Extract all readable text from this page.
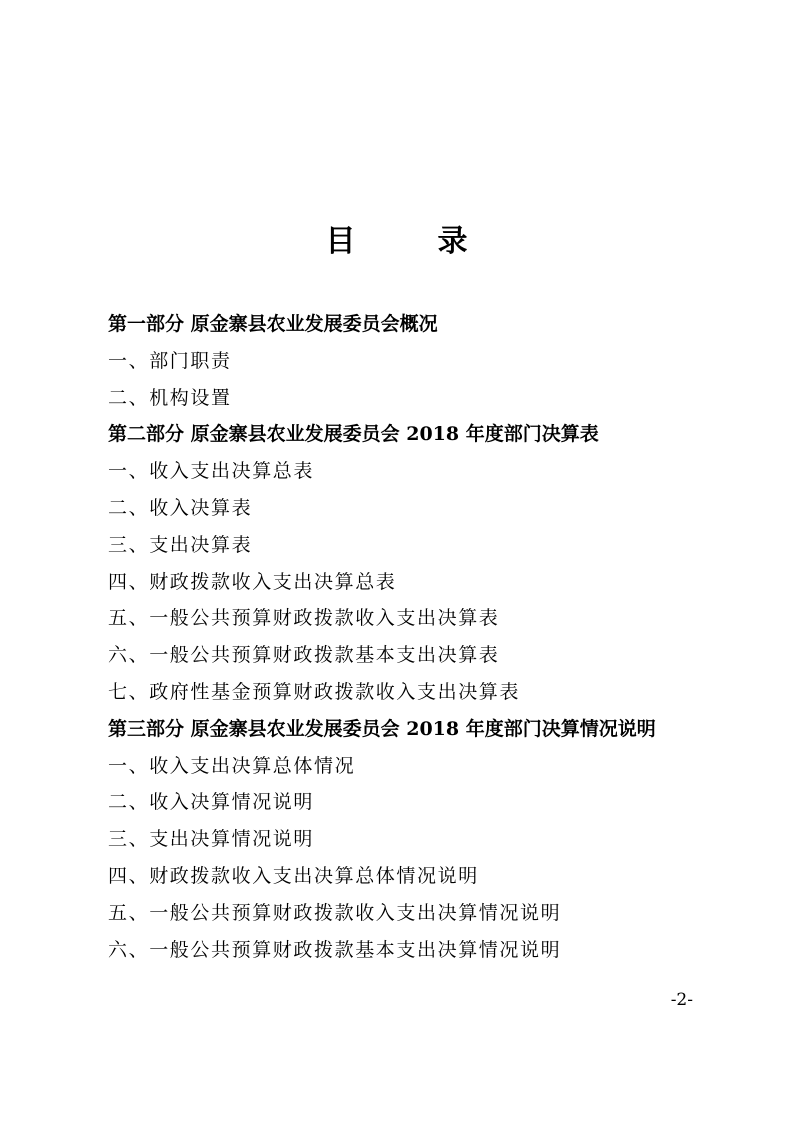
目　录
第一部分 原金寨县农业发展委员会概况
一、部门职责
二、机构设置
第二部分 原金寨县农业发展委员会 2018 年度部门决算表
一、收入支出决算总表
二、收入决算表
三、支出决算表
四、财政拨款收入支出决算总表
五、一般公共预算财政拨款收入支出决算表
六、一般公共预算财政拨款基本支出决算表
七、政府性基金预算财政拨款收入支出决算表
第三部分 原金寨县农业发展委员会 2018 年度部门决算情况说明
一、收入支出决算总体情况
二、收入决算情况说明
三、支出决算情况说明
四、财政拨款收入支出决算总体情况说明
五、一般公共预算财政拨款收入支出决算情况说明
六、一般公共预算财政拨款基本支出决算情况说明
-2-
